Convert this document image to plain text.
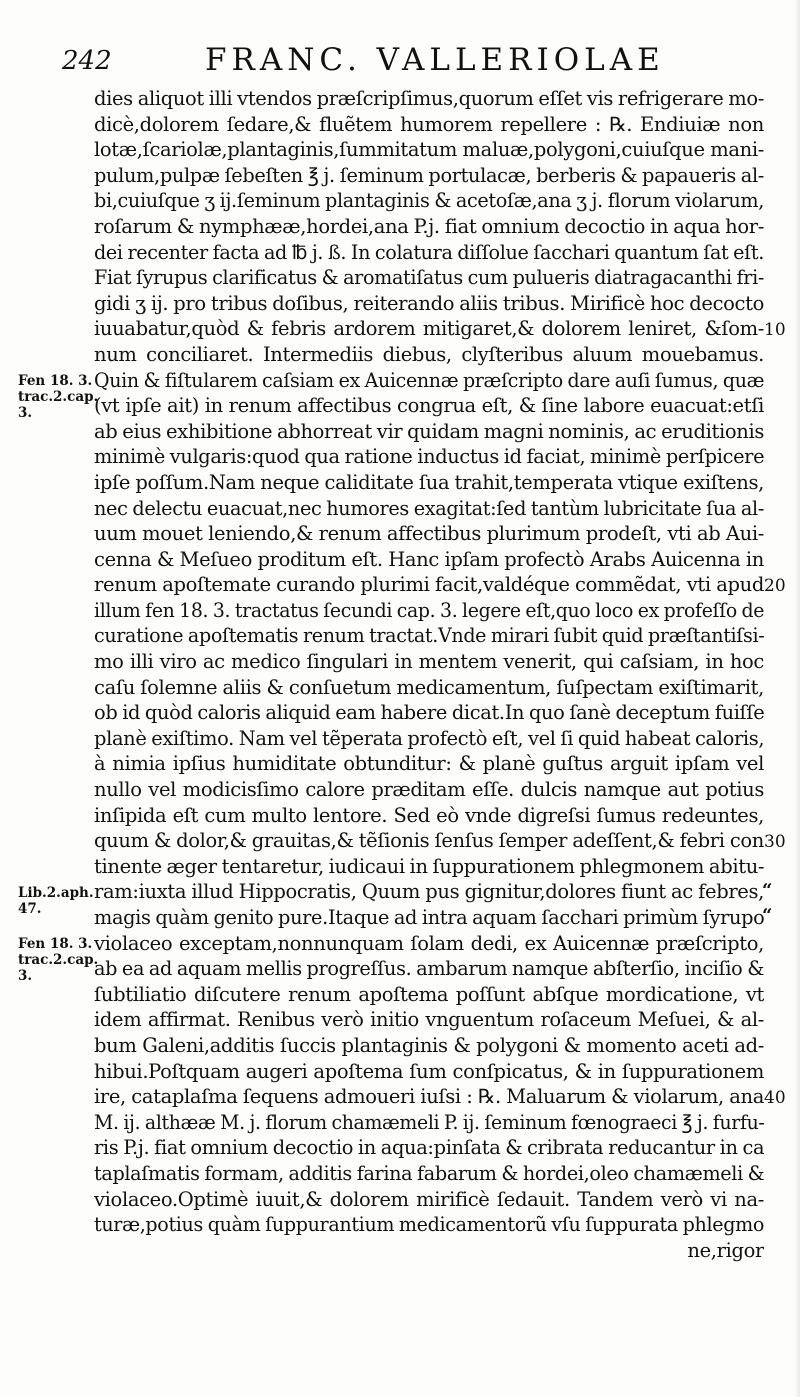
242	FRANC. VALLERIOLAE
dies aliquot illi vtendos præſcripſimus,quorum eſſet vis refrigerare mo-
dicè,dolorem ſedare,& fluẽtem humorem repellere : ℞. Endiuiæ non
lotæ,ſcariolæ,plantaginis,ſummitatum maluæ,polygoni,cuiuſque mani-
pulum,pulpæ ſebeſten ℥ j. ſeminum portulacæ, berberis & papaueris al-
bi,cuiuſque ʒ ij.ſeminum plantaginis & acetoſæ,ana ʒ j. florum violarum,
roſarum & nymphææ,hordei,ana P.j. fiat omnium decoctio in aqua hor-
dei recenter facta ad ℔ j. ß. In colatura diſſolue ſacchari quantum ſat eſt.
Fiat ſyrupus clarificatus & aromatiſatus cum pulueris diatragacanthi fri-
gidi ʒ ij. pro tribus doſibus, reiterando aliis tribus. Mirificè hoc decocto
iuuabatur,quòd & febris ardorem mitigaret,& dolorem leniret, &ſom-
num conciliaret. Intermediis diebus, clyſteribus aluum mouebamus.
Quin & fiſtularem caſsiam ex Auicennæ præſcripto dare auſi ſumus, quæ
(vt ipſe ait) in renum affectibus congrua eſt, & ſine labore euacuat:etſi
ab eius exhibitione abhorreat vir quidam magni nominis, ac eruditionis
minimè vulgaris:quod qua ratione inductus id faciat, minimè perſpicere
ipſe poſſum.Nam neque caliditate ſua trahit,temperata vtique exiſtens,
nec delectu euacuat,nec humores exagitat:ſed tantùm lubricitate ſua al-
uum mouet leniendo,& renum affectibus plurimum prodeſt, vti ab Aui-
cenna & Meſueo proditum eſt. Hanc ipſam profectò Arabs Auicenna in
renum apoſtemate curando plurimi facit,valdéque commẽdat, vti apud
illum fen 18. 3. tractatus ſecundi cap. 3. legere eſt,quo loco ex profeſſo de
curatione apoſtematis renum tractat.Vnde mirari ſubit quid præſtantiſsi-
mo illi viro ac medico ſingulari in mentem venerit, qui caſsiam, in hoc
caſu ſolemne aliis & conſuetum medicamentum, ſuſpectam exiſtimarit,
ob id quòd caloris aliquid eam habere dicat.In quo ſanè deceptum fuiſſe
planè exiſtimo. Nam vel tẽperata profectò eſt, vel ſi quid habeat caloris,
à nimia ipſius humiditate obtunditur: & planè guſtus arguit ipſam vel
nullo vel modicisſimo calore præditam eſſe. dulcis namque aut potius
inſipida eſt cum multo lentore. Sed eò vnde digreſsi ſumus redeuntes,
quum & dolor,& grauitas,& tẽſionis ſenſus ſemper adeſſent,& febri con
tinente æger tentaretur, iudicaui in ſuppurationem phlegmonem abitu-
ram:iuxta illud Hippocratis, Quum pus gignitur,dolores fiunt ac febres,
magis quàm genito pure.Itaque ad intra aquam ſacchari primùm ſyrupo
violaceo exceptam,nonnunquam ſolam dedi, ex Auicennæ præſcripto,
ab ea ad aquam mellis progreſſus. ambarum namque abſterſio, inciſio &
ſubtiliatio diſcutere renum apoſtema poſſunt abſque mordicatione, vt
idem affirmat. Renibus verò initio vnguentum roſaceum Meſuei, & al-
bum Galeni,additis ſuccis plantaginis & polygoni & momento aceti ad-
hibui.Poſtquam augeri apoſtema ſum conſpicatus, & in ſuppurationem
ire, cataplaſma ſequens admoueri iuſsi : ℞. Maluarum & violarum, ana
M. ij. althææ M. j. florum chamæmeli P. ij. ſeminum fœnograeci ℥ j. furfu-
ris P.j. fiat omnium decoctio in aqua:pinſata & cribrata reducantur in ca
taplaſmatis formam, additis farina fabarum & hordei,oleo chamæmeli &
violaceo.Optimè iuuit,& dolorem mirificè ſedauit. Tandem verò vi na-
turæ,potius quàm ſuppurantium medicamentorũ vſu ſuppurata phlegmo
ne,rigor
Fen 18. 3.
trac.2.cap.
3.
Lib.2.aph.
47.
Fen 18. 3.
trac.2.cap.
3.
10
20
30
40
“
“
